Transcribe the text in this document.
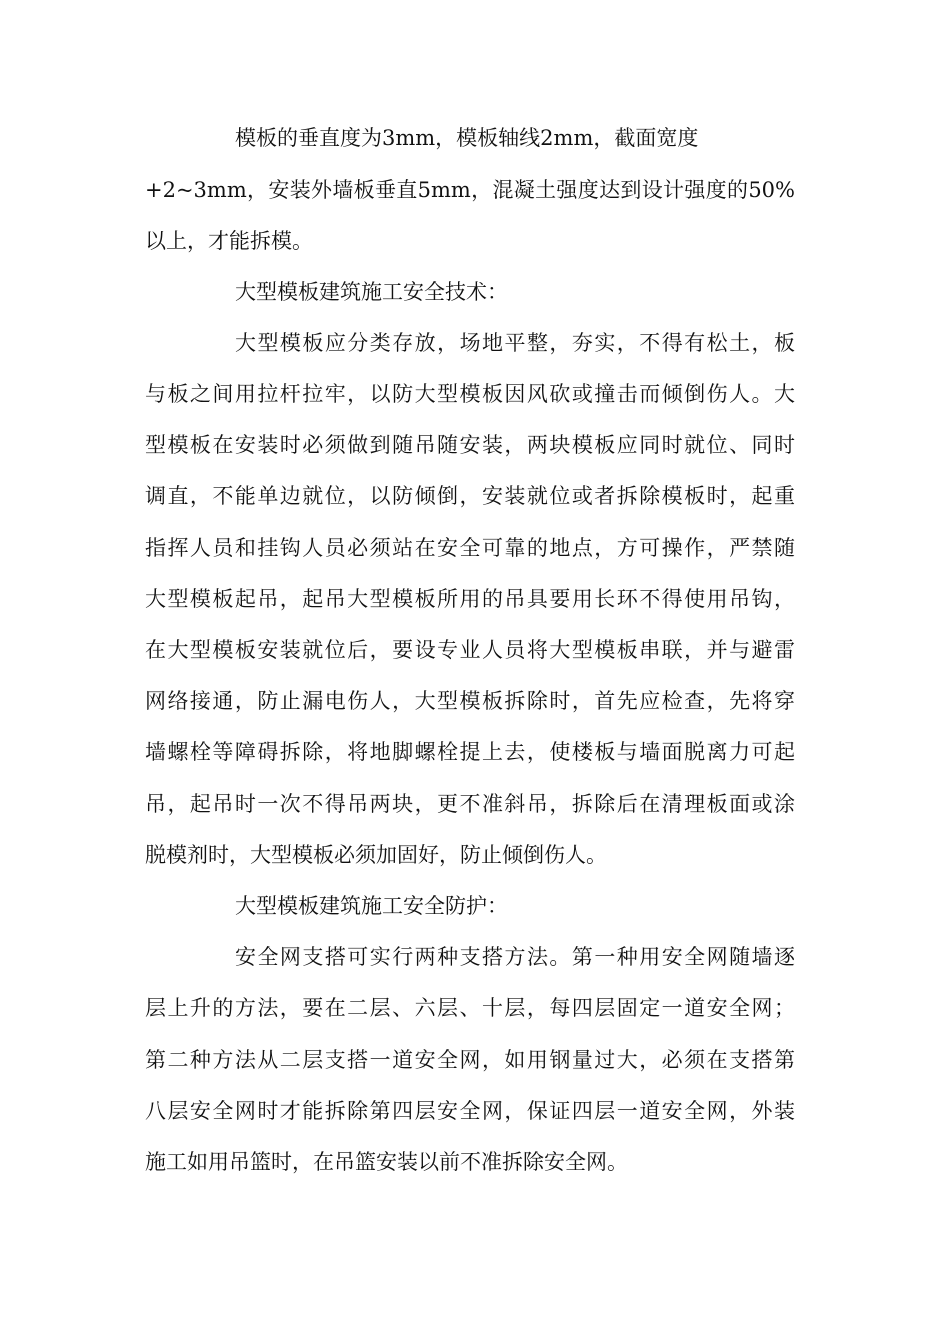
模板的垂直度为3mm，模板轴线2mm，截面宽度
+2~3mm，安装外墙板垂直5mm，混凝土强度达到设计强度的50%
以上，才能拆模。
大型模板建筑施工安全技术：
大型模板应分类存放，场地平整，夯实，不得有松土，板
与板之间用拉杆拉牢，以防大型模板因风砍或撞击而倾倒伤人。大
型模板在安装时必须做到随吊随安装，两块模板应同时就位、同时
调直，不能单边就位，以防倾倒，安装就位或者拆除模板时，起重
指挥人员和挂钩人员必须站在安全可靠的地点，方可操作，严禁随
大型模板起吊，起吊大型模板所用的吊具要用长环不得使用吊钩，
在大型模板安装就位后，要设专业人员将大型模板串联，并与避雷
网络接通，防止漏电伤人，大型模板拆除时，首先应检查，先将穿
墙螺栓等障碍拆除，将地脚螺栓提上去，使楼板与墙面脱离力可起
吊，起吊时一次不得吊两块，更不准斜吊，拆除后在清理板面或涂
脱模剂时，大型模板必须加固好，防止倾倒伤人。
大型模板建筑施工安全防护：
安全网支搭可实行两种支搭方法。第一种用安全网随墙逐
层上升的方法，要在二层、六层、十层，每四层固定一道安全网；
第二种方法从二层支搭一道安全网，如用钢量过大，必须在支搭第
八层安全网时才能拆除第四层安全网，保证四层一道安全网，外装
施工如用吊篮时，在吊篮安装以前不准拆除安全网。
